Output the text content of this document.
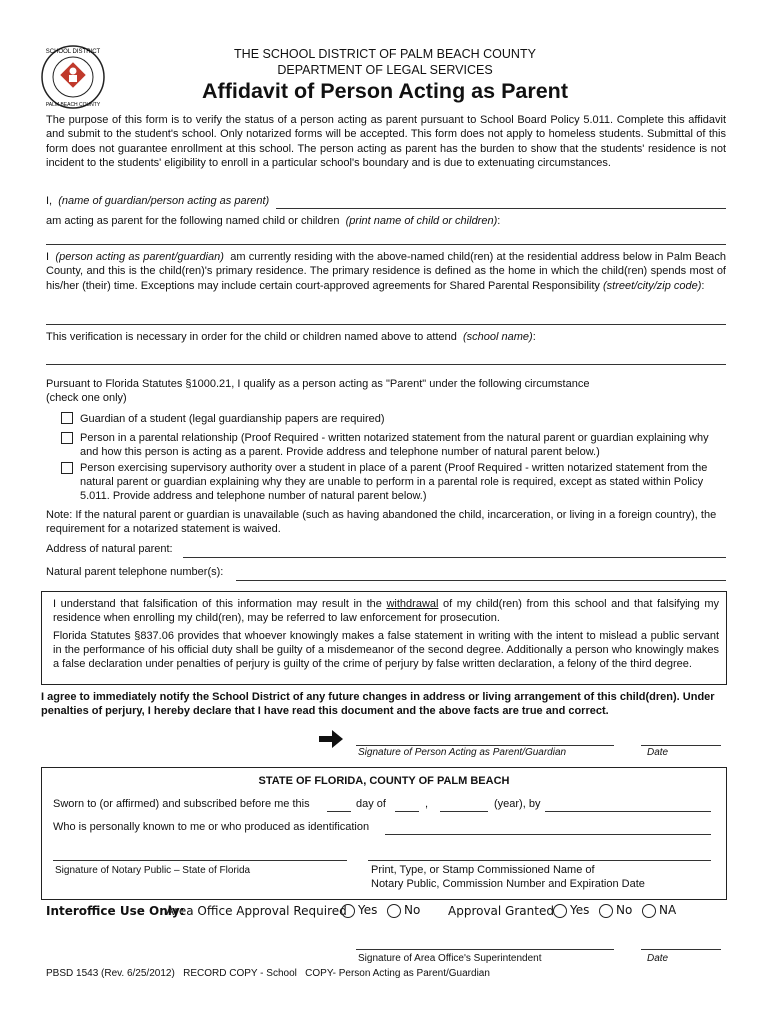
SCHOOL DISTRICT
PALM BEACH COUNTY
THE SCHOOL DISTRICT OF PALM BEACH COUNTY
DEPARTMENT OF LEGAL SERVICES
Affidavit of Person Acting as Parent
The purpose of this form is to verify the status of a person acting as parent pursuant to School Board Policy 5.011. Complete this affidavit and submit to the student's school. Only notarized forms will be accepted. This form does not apply to homeless students. Submittal of this form does not guarantee enrollment at this school. The person acting as parent has the burden to show that the students' residence is not incident to the students' eligibility to enroll in a particular school's boundary and is due to extenuating circumstances.
I, (name of guardian/person acting as parent)
am acting as parent for the following named child or children (print name of child or children):
I (person acting as parent/guardian) am currently residing with the above-named child(ren) at the residential address below in Palm Beach County, and this is the child(ren)'s primary residence. The primary residence is defined as the home in which the child(ren) spends most of his/her (their) time. Exceptions may include certain court-approved agreements for Shared Parental Responsibility (street/city/zip code):
This verification is necessary in order for the child or children named above to attend (school name):
Pursuant to Florida Statutes §1000.21, I qualify as a person acting as "Parent" under the following circumstance
(check one only)
Guardian of a student (legal guardianship papers are required)
Person in a parental relationship (Proof Required - written notarized statement from the natural parent or guardian explaining why and how this person is acting as a parent. Provide address and telephone number of natural parent below.)
Person exercising supervisory authority over a student in place of a parent (Proof Required - written notarized statement from the natural parent or guardian explaining why they are unable to perform in a parental role is required, except as stated within Policy 5.011. Provide address and telephone number of natural parent below.)
Note: If the natural parent or guardian is unavailable (such as having abandoned the child, incarceration, or living in a foreign country), the requirement for a notarized statement is waived.
Address of natural parent:
Natural parent telephone number(s):
I understand that falsification of this information may result in the withdrawal of my child(ren) from this school and that falsifying my residence when enrolling my child(ren), may be referred to law enforcement for prosecution.
Florida Statutes §837.06 provides that whoever knowingly makes a false statement in writing with the intent to mislead a public servant in the performance of his official duty shall be guilty of a misdemeanor of the second degree. Additionally a person who knowingly makes a false declaration under penalties of perjury is guilty of the crime of perjury by false written declaration, a felony of the third degree.
I agree to immediately notify the School District of any future changes in address or living arrangement of this child(dren). Under penalties of perjury, I hereby declare that I have read this document and the above facts are true and correct.
Signature of Person Acting as Parent/Guardian	Date
STATE OF FLORIDA, COUNTY OF PALM BEACH
Sworn to (or affirmed) and subscribed before me this	day of	,	(year), by
Who is personally known to me or who produced as identification
Signature of Notary Public – State of Florida	Print, Type, or Stamp Commissioned Name of
Notary Public, Commission Number and Expiration Date
Interoffice Use Only:
Area Office Approval Required Yes	No Approval Granted	Yes	No	NA
Signature of Area Office's Superintendent	Date
PBSD 1543 (Rev. 6/25/2012)   RECORD COPY - School   COPY- Person Acting as Parent/Guardian
